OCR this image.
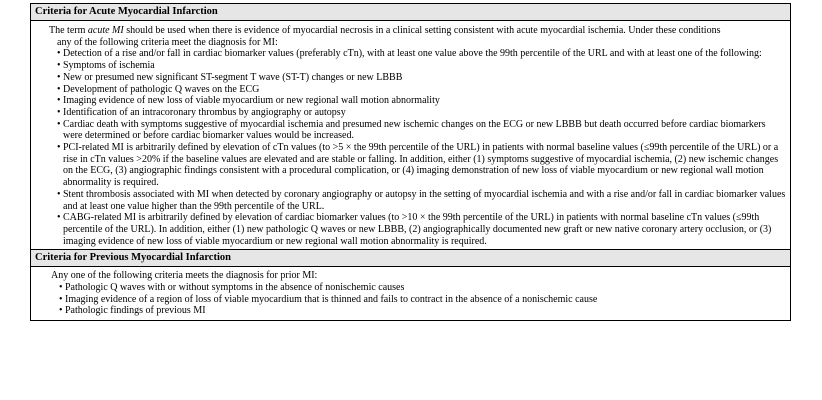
Criteria for Acute Myocardial Infarction

The term acute MI should be used when there is evidence of myocardial necrosis in a clinical setting consistent with acute myocardial ischemia. Under these conditions

any of the following criteria meet the diagnosis for MI:
• Detection of a rise and/or fall in cardiac biomarker values (preferably cTn), with at least one value above the 99th percentile of the URL and with at least one of the following:
• Symptoms of ischemia
• New or presumed new significant ST-segment T wave (ST-T) changes or new LBBB
• Development of pathologic Q waves on the ECG
• Imaging evidence of new loss of viable myocardium or new regional wall motion abnormality
• Identification of an intracoronary thrombus by angiography or autopsy
• Cardiac death with symptoms suggestive of myocardial ischemia and presumed new ischemic changes on the ECG or new LBBB but death occurred before cardiac biomarkers were determined or before cardiac biomarker values would be increased.
• PCI-related MI is arbitrarily defined by elevation of cTn values (to >5 × the 99th percentile of the URL) in patients with normal baseline values (≤99th percentile of the URL) or a rise in cTn values >20% if the baseline values are elevated and are stable or falling. In addition, either (1) symptoms suggestive of myocardial ischemia, (2) new ischemic changes on the ECG, (3) angiographic findings consistent with a procedural complication, or (4) imaging demonstration of new loss of viable myocardium or new regional wall motion abnormality is required.
• Stent thrombosis associated with MI when detected by coronary angiography or autopsy in the setting of myocardial ischemia and with a rise and/or fall in cardiac biomarker values and at least one value higher than the 99th percentile of the URL.
• CABG-related MI is arbitrarily defined by elevation of cardiac biomarker values (to >10 × the 99th percentile of the URL) in patients with normal baseline cTn values (≤99th percentile of the URL). In addition, either (1) new pathologic Q waves or new LBBB, (2) angiographically documented new graft or new native coronary artery occlusion, or (3) imaging evidence of new loss of viable myocardium or new regional wall motion abnormality is required.
Criteria for Previous Myocardial Infarction
Any one of the following criteria meets the diagnosis for prior MI:
• Pathologic Q waves with or without symptoms in the absence of nonischemic causes
• Imaging evidence of a region of loss of viable myocardium that is thinned and fails to contract in the absence of a nonischemic cause
• Pathologic findings of previous MI
